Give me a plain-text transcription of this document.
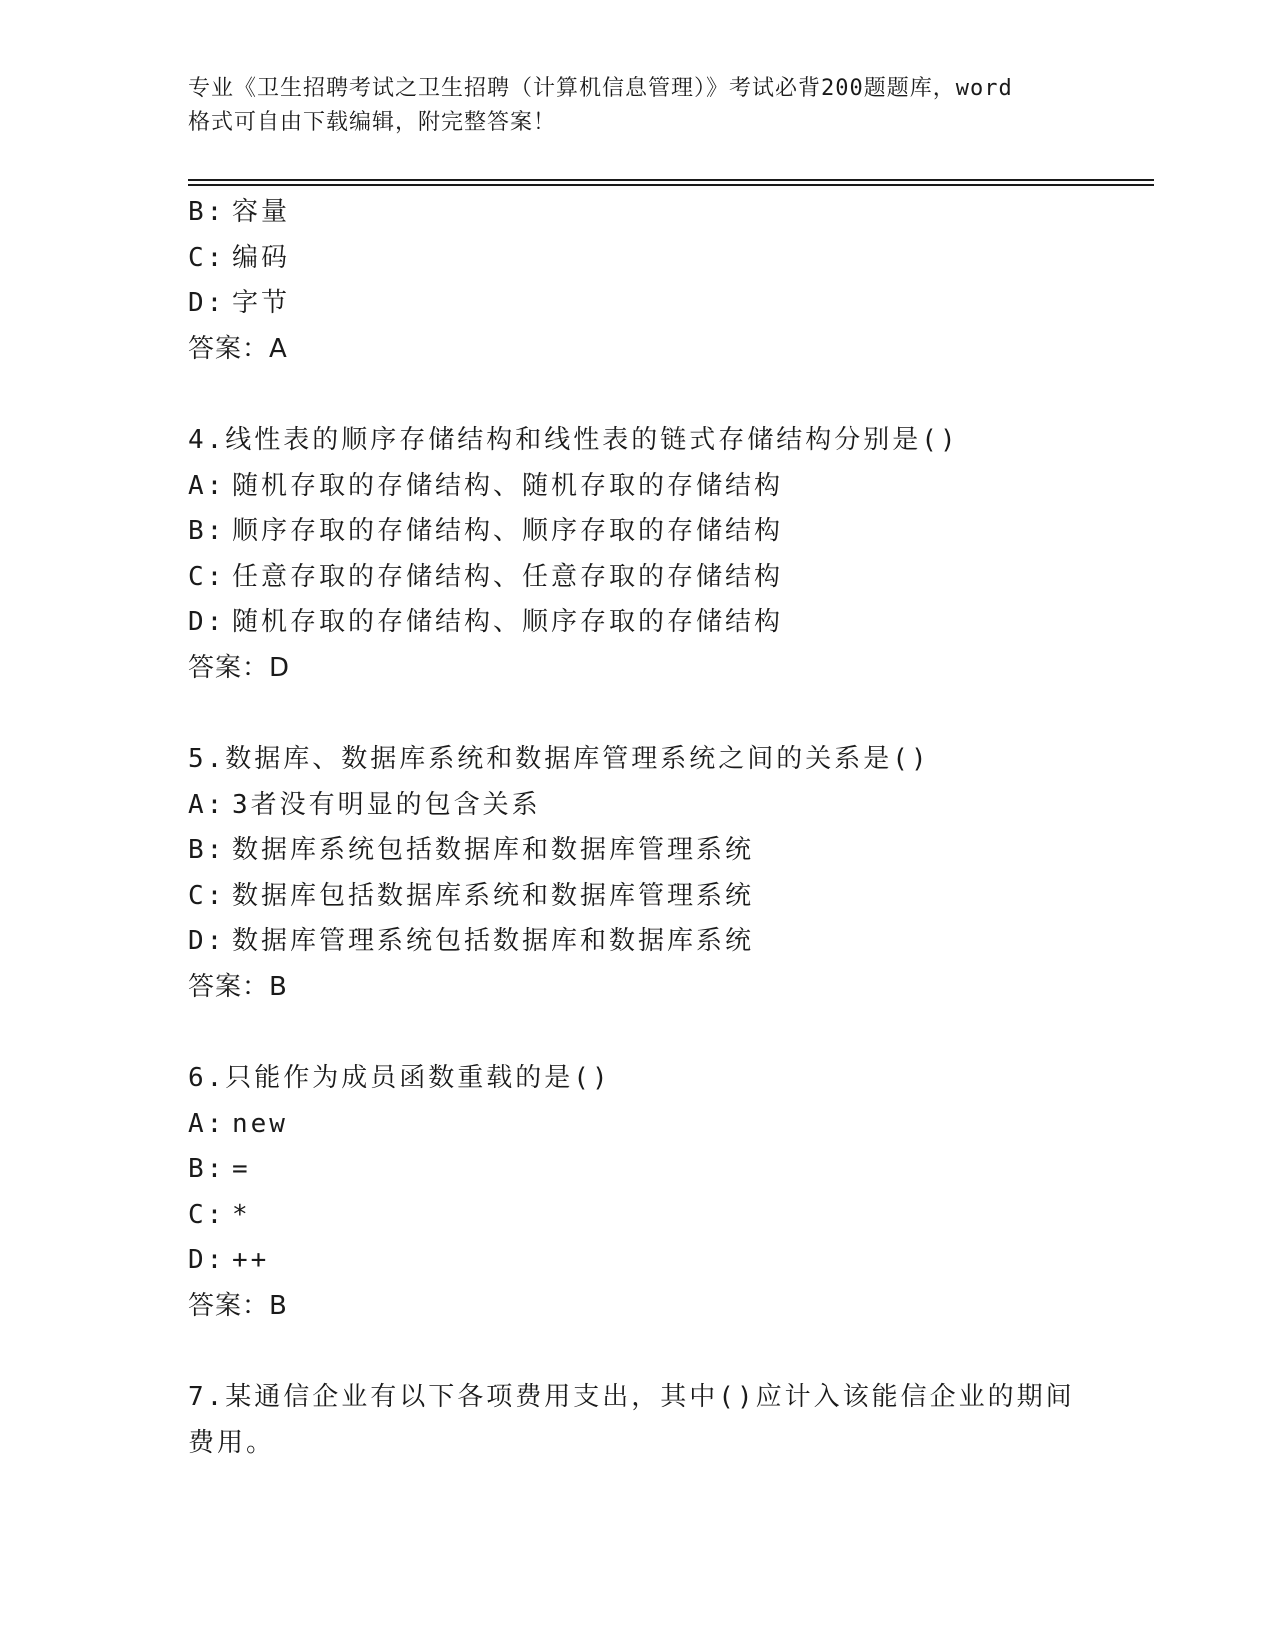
专业《卫生招聘考试之卫生招聘（计算机信息管理）》考试必背200题题库，word
格式可自由下载编辑，附完整答案！
B: 容量
C: 编码
D: 字节
答案：A
4.线性表的顺序存储结构和线性表的链式存储结构分别是()
A: 随机存取的存储结构、随机存取的存储结构
B: 顺序存取的存储结构、顺序存取的存储结构
C: 任意存取的存储结构、任意存取的存储结构
D: 随机存取的存储结构、顺序存取的存储结构
答案：D
5.数据库、数据库系统和数据库管理系统之间的关系是()
A: 3者没有明显的包含关系
B: 数据库系统包括数据库和数据库管理系统
C: 数据库包括数据库系统和数据库管理系统
D: 数据库管理系统包括数据库和数据库系统
答案：B
6.只能作为成员函数重载的是()
A: new
B: =
C: *
D: ++
答案：B
7.某通信企业有以下各项费用支出，其中()应计入该能信企业的期间
费用。
